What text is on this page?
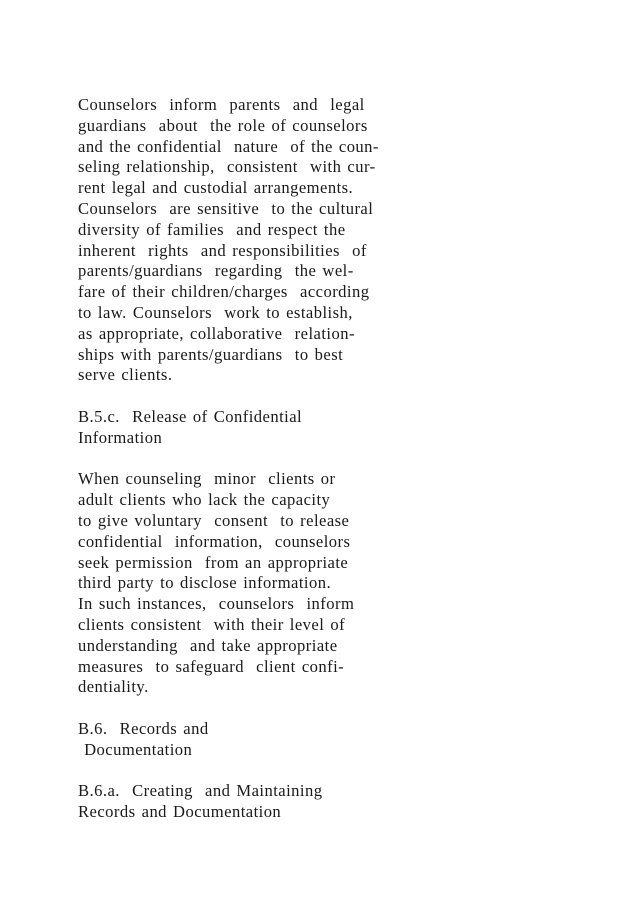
Counselors  inform  parents  and  legal
guardians  about  the role of counselors
and the confidential  nature  of the coun-
seling relationship,  consistent  with cur-
rent legal and custodial arrangements.
Counselors  are sensitive  to the cultural
diversity of families  and respect the
inherent  rights  and responsibilities  of
parents/guardians  regarding  the wel-
fare of their children/charges  according
to law. Counselors  work to establish,
as appropriate, collaborative  relation-
ships with parents/guardians  to best
serve clients.
B.5.c.  Release of Confidential
Information
When counseling  minor  clients or
adult clients who lack the capacity
to give voluntary  consent  to release
confidential  information,  counselors
seek permission  from an appropriate
third party to disclose information.
In such instances,  counselors  inform
clients consistent  with their level of
understanding  and take appropriate
measures  to safeguard  client confi-
dentiality.
B.6.  Records and
Documentation
B.6.a.  Creating  and Maintaining
Records and Documentation
